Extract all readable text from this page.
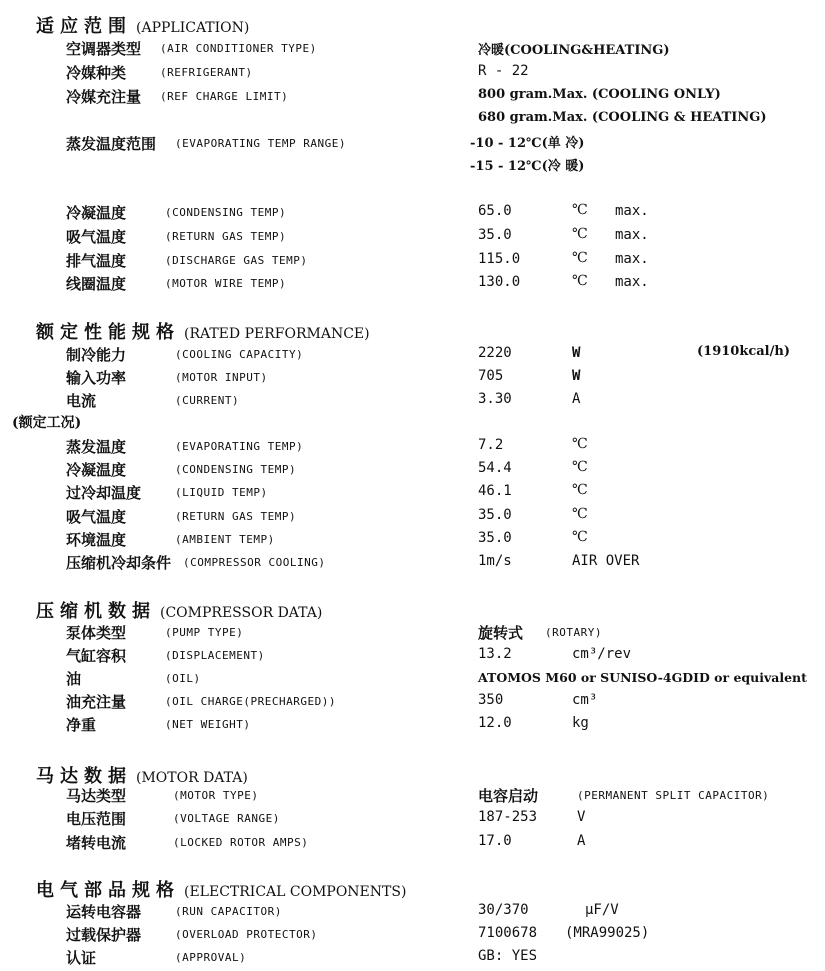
适应范围 (APPLICATION)
空调器类型 (AIR CONDITIONER TYPE)	冷暖(COOLING&HEATING)
冷媒种类	(REFRIGERANT)	R - 22
冷媒充注量 (REF CHARGE LIMIT)	800 gram.Max. (COOLING ONLY)
680 gram.Max. (COOLING & HEATING)
蒸发温度范围 (EVAPORATING TEMP RANGE)	-10 - 12℃(单 冷)
-15 - 12℃(冷 暖)
冷凝温度	(CONDENSING TEMP)	65.0	℃ max.
吸气温度	(RETURN GAS TEMP)	35.0	℃ max.
排气温度	(DISCHARGE GAS TEMP)	115.0	℃ max.
线圈温度	(MOTOR WIRE TEMP)	130.0	℃ max.
额定性能规格 (RATED PERFORMANCE)
制冷能力	(COOLING CAPACITY)	2220	W	(1910kcal/h)
输入功率	(MOTOR INPUT)	705	W
电流	(CURRENT)	3.30	A
(额定工况)
蒸发温度	(EVAPORATING TEMP)	7.2	℃
冷凝温度	(CONDENSING TEMP)	54.4	℃
过冷却温度	(LIQUID TEMP)	46.1	℃
吸气温度	(RETURN GAS TEMP)	35.0	℃
环境温度	(AMBIENT TEMP)	35.0	℃
压缩机冷却条件 (COMPRESSOR COOLING)	1m/s	AIR OVER
压缩机数据 (COMPRESSOR DATA)
泵体类型	(PUMP TYPE)	旋转式 (ROTARY)
气缸容积	(DISPLACEMENT)	13.2	cm³/rev
油	(OIL)	ATOMOS M60 or SUNISO-4GDID or equivalent
油充注量	(OIL CHARGE(PRECHARGED))	350	cm³
净重	(NET WEIGHT)	12.0	kg
马达数据 (MOTOR DATA)
马达类型	(MOTOR TYPE)	电容启动	(PERMANENT SPLIT CAPACITOR)
电压范围	(VOLTAGE RANGE)	187-253	V
堵转电流	(LOCKED ROTOR AMPS)	17.0	A
电气部品规格 (ELECTRICAL COMPONENTS)
运转电容器	(RUN CAPACITOR)	30/370	μF/V
过载保护器	(OVERLOAD PROTECTOR)	7100678 (MRA99025)
认证	(APPROVAL)	GB: YES
